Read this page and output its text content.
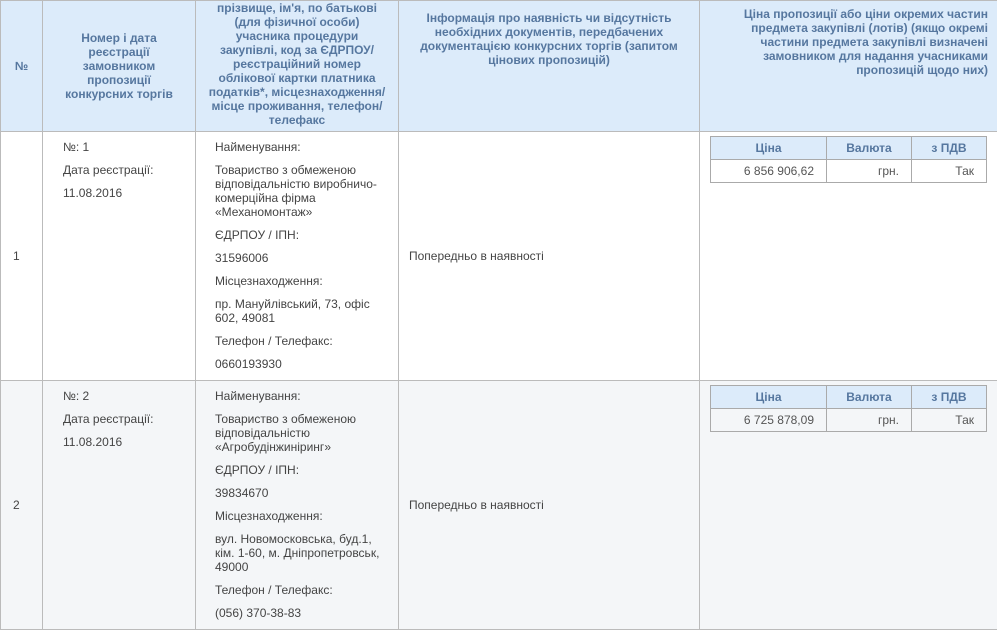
№	Номер і дата реєстрації замовником пропозиції конкурсних торгів	прізвище, ім'я, по батькові (для фізичної особи) учасника процедури закупівлі, код за ЄДРПОУ/ реєстраційний номер облікової картки платника податків*, місцезнаходження/ місце проживання, телефон/ телефакс	Інформація про наявність чи відсутність необхідних документів, передбачених документацією конкурсних торгів (запитом цінових пропозицій)	Ціна пропозиції або ціни окремих частин предмета закупівлі (лотів) (якщо окремі частини предмета закупівлі визначені замовником для надання учасниками пропозицій щодо них)
1	
№: 1
Дата реєстрації:
11.08.2016

Найменування:
Товариство з обмеженою відповідальністю виробничо-комерційна фірма «Механомонтаж»
ЄДРПОУ / ІПН:
31596006
Місцезнаходження:
пр. Мануйлівський, 73, офіс 602, 49081
Телефон / Телефакс:
0660193930
	Попередньо в наявності	
Ціна	Валюта	з ПДВ
6 856 906,62	грн.	Так

2	
№: 2
Дата реєстрації:
11.08.2016

Найменування:
Товариство з обмеженою відповідальністю «Агробудінжиніринг»
ЄДРПОУ / ІПН:
39834670
Місцезнаходження:
вул. Новомосковська, буд.1, кім. 1-60, м. Дніпропетровськ, 49000
Телефон / Телефакс:
(056) 370-38-83
	Попередньо в наявності	
Ціна	Валюта	з ПДВ
6 725 878,09	грн.	Так
